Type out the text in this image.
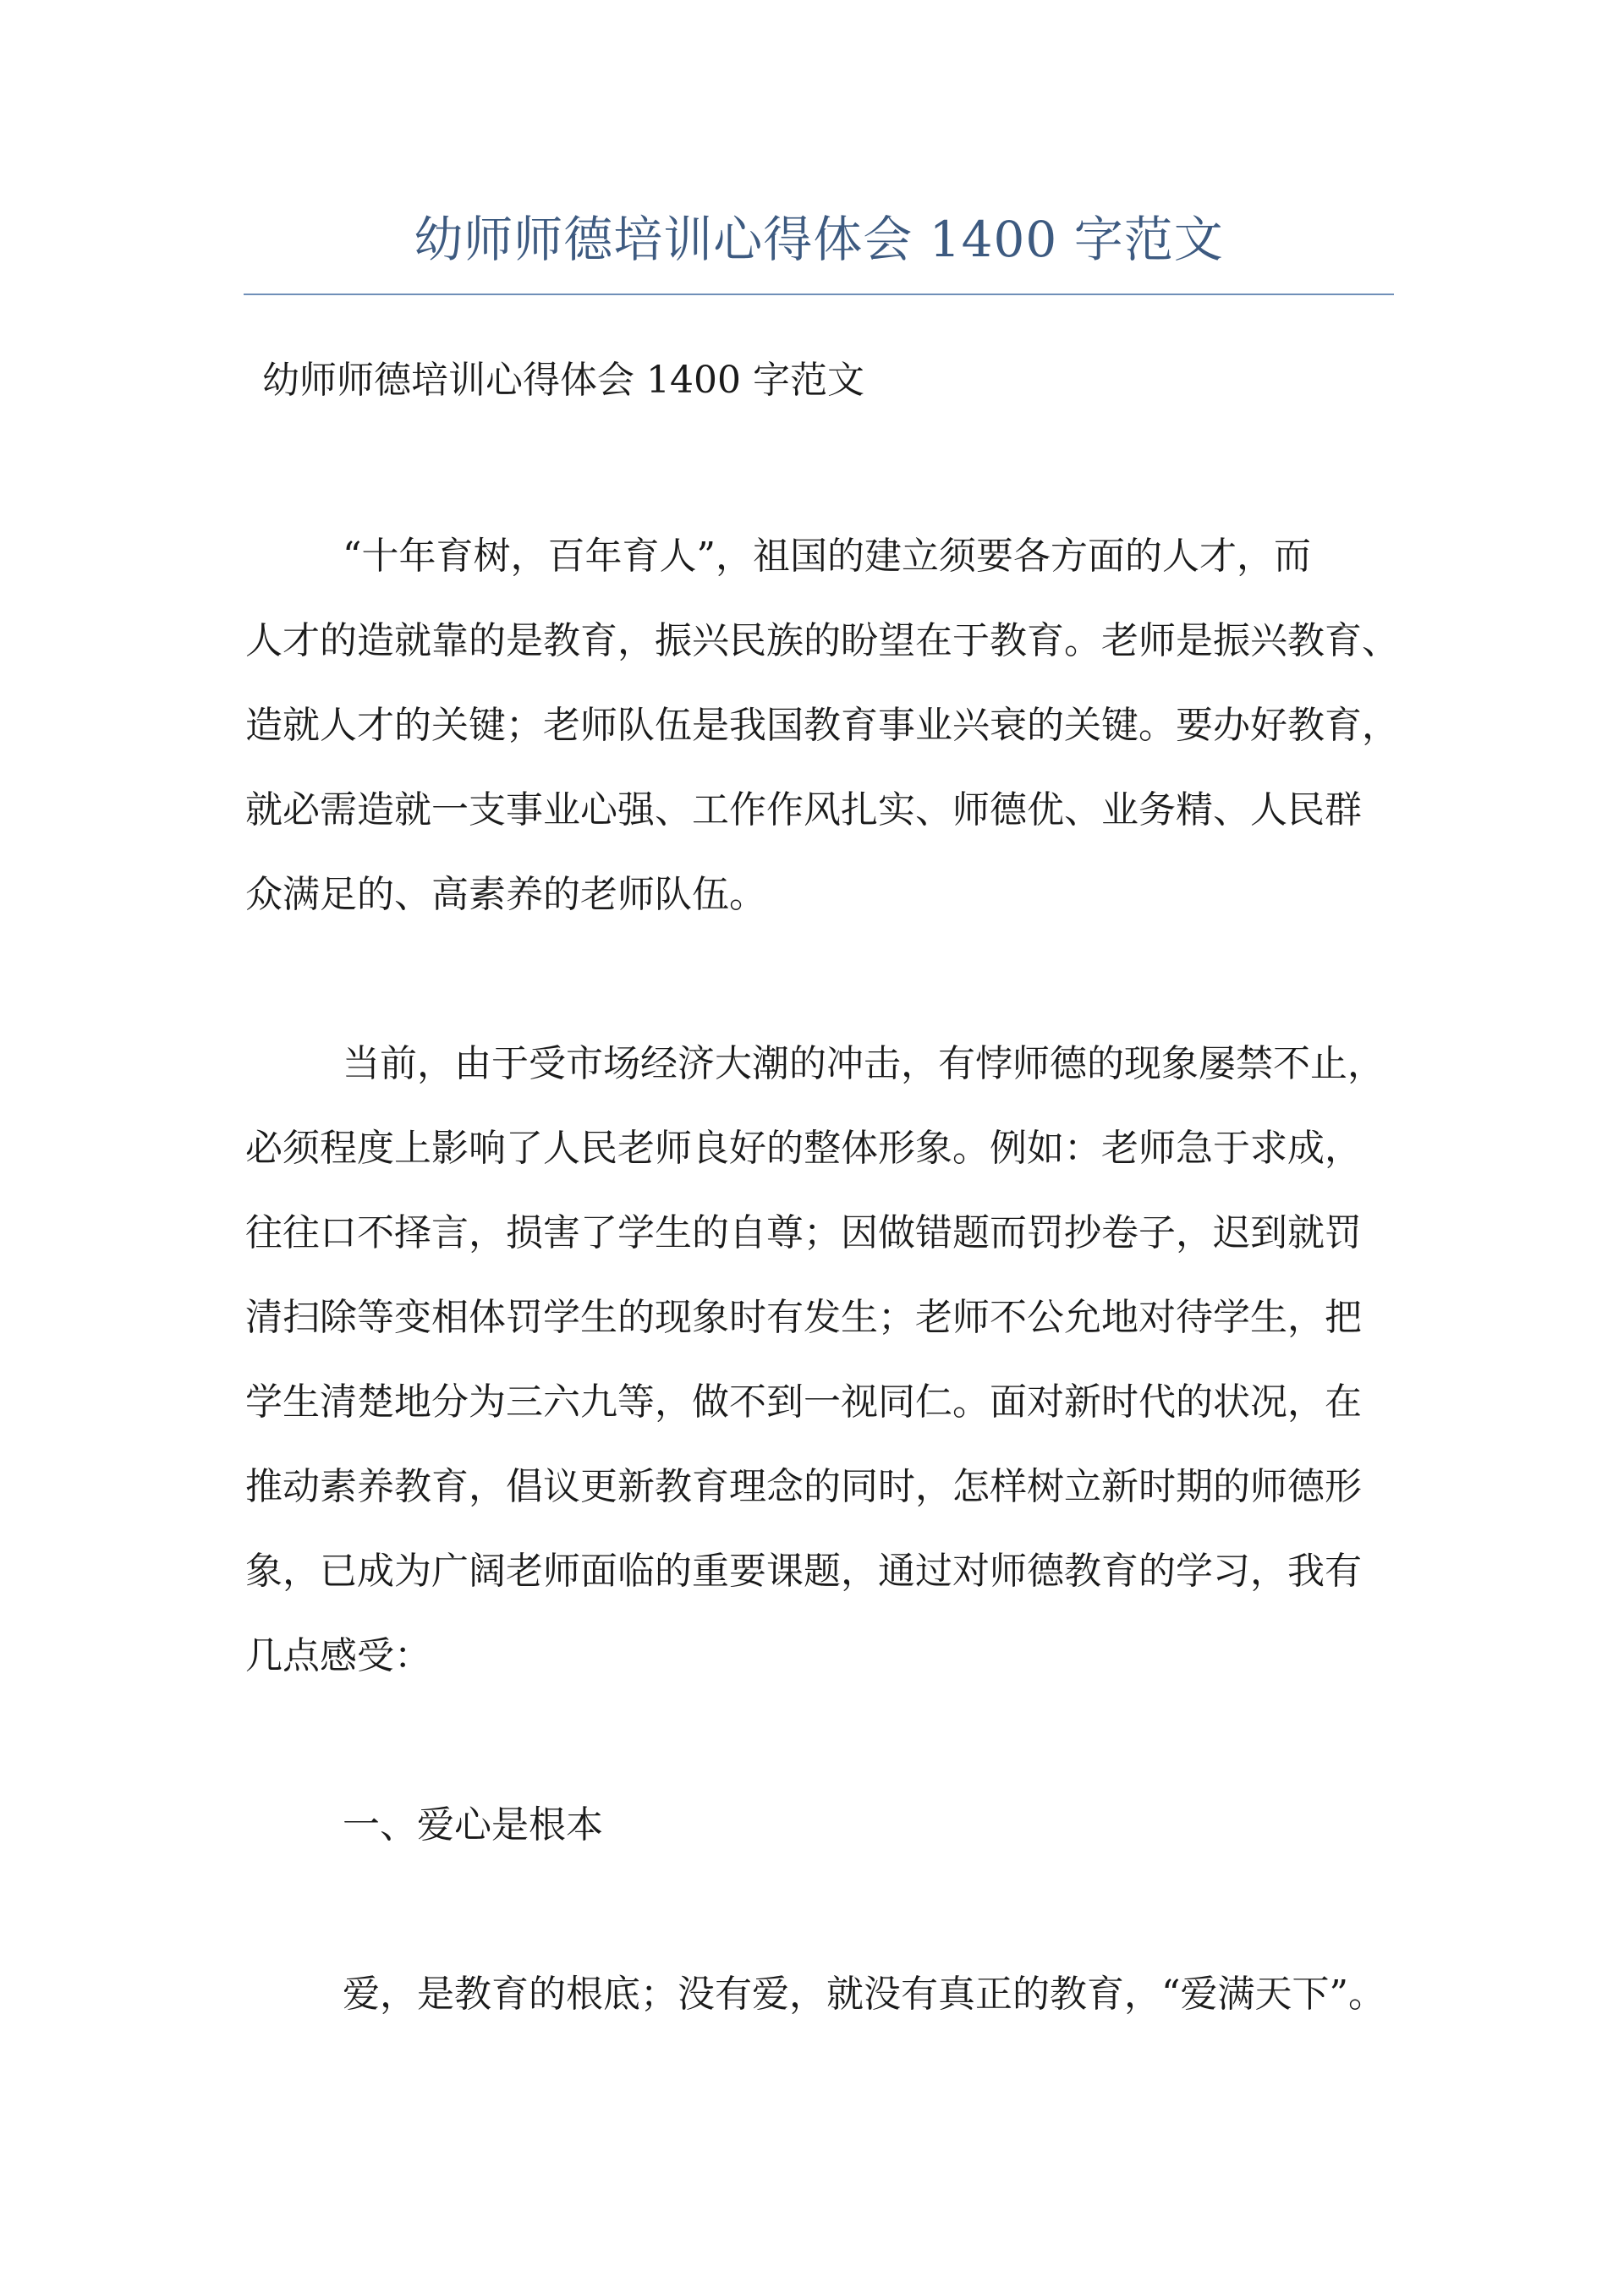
幼师师德培训心得体会 1400 字范文
幼师师德培训心得体会 1400 字范文
“十年育树，百年育人”，祖国的建立须要各方面的人才，而
人才的造就靠的是教育，振兴民族的盼望在于教育。老师是振兴教育、
造就人才的关键；老师队伍是我国教育事业兴衰的关键。要办好教育，
就必需造就一支事业心强、工作作风扎实、师德优、业务精、人民群
众满足的、高素养的老师队伍。
当前，由于受市场经济大潮的冲击，有悖师德的现象屡禁不止，
必须程度上影响了人民老师良好的整体形象。例如：老师急于求成，
往往口不择言，损害了学生的自尊；因做错题而罚抄卷子，迟到就罚
清扫除等变相体罚学生的现象时有发生；老师不公允地对待学生，把
学生清楚地分为三六九等，做不到一视同仁。面对新时代的状况，在
推动素养教育，倡议更新教育理念的同时，怎样树立新时期的师德形
象，已成为广阔老师面临的重要课题，通过对师德教育的学习，我有
几点感受：
一、爱心是根本
爱，是教育的根底；没有爱，就没有真正的教育，“爱满天下”。
